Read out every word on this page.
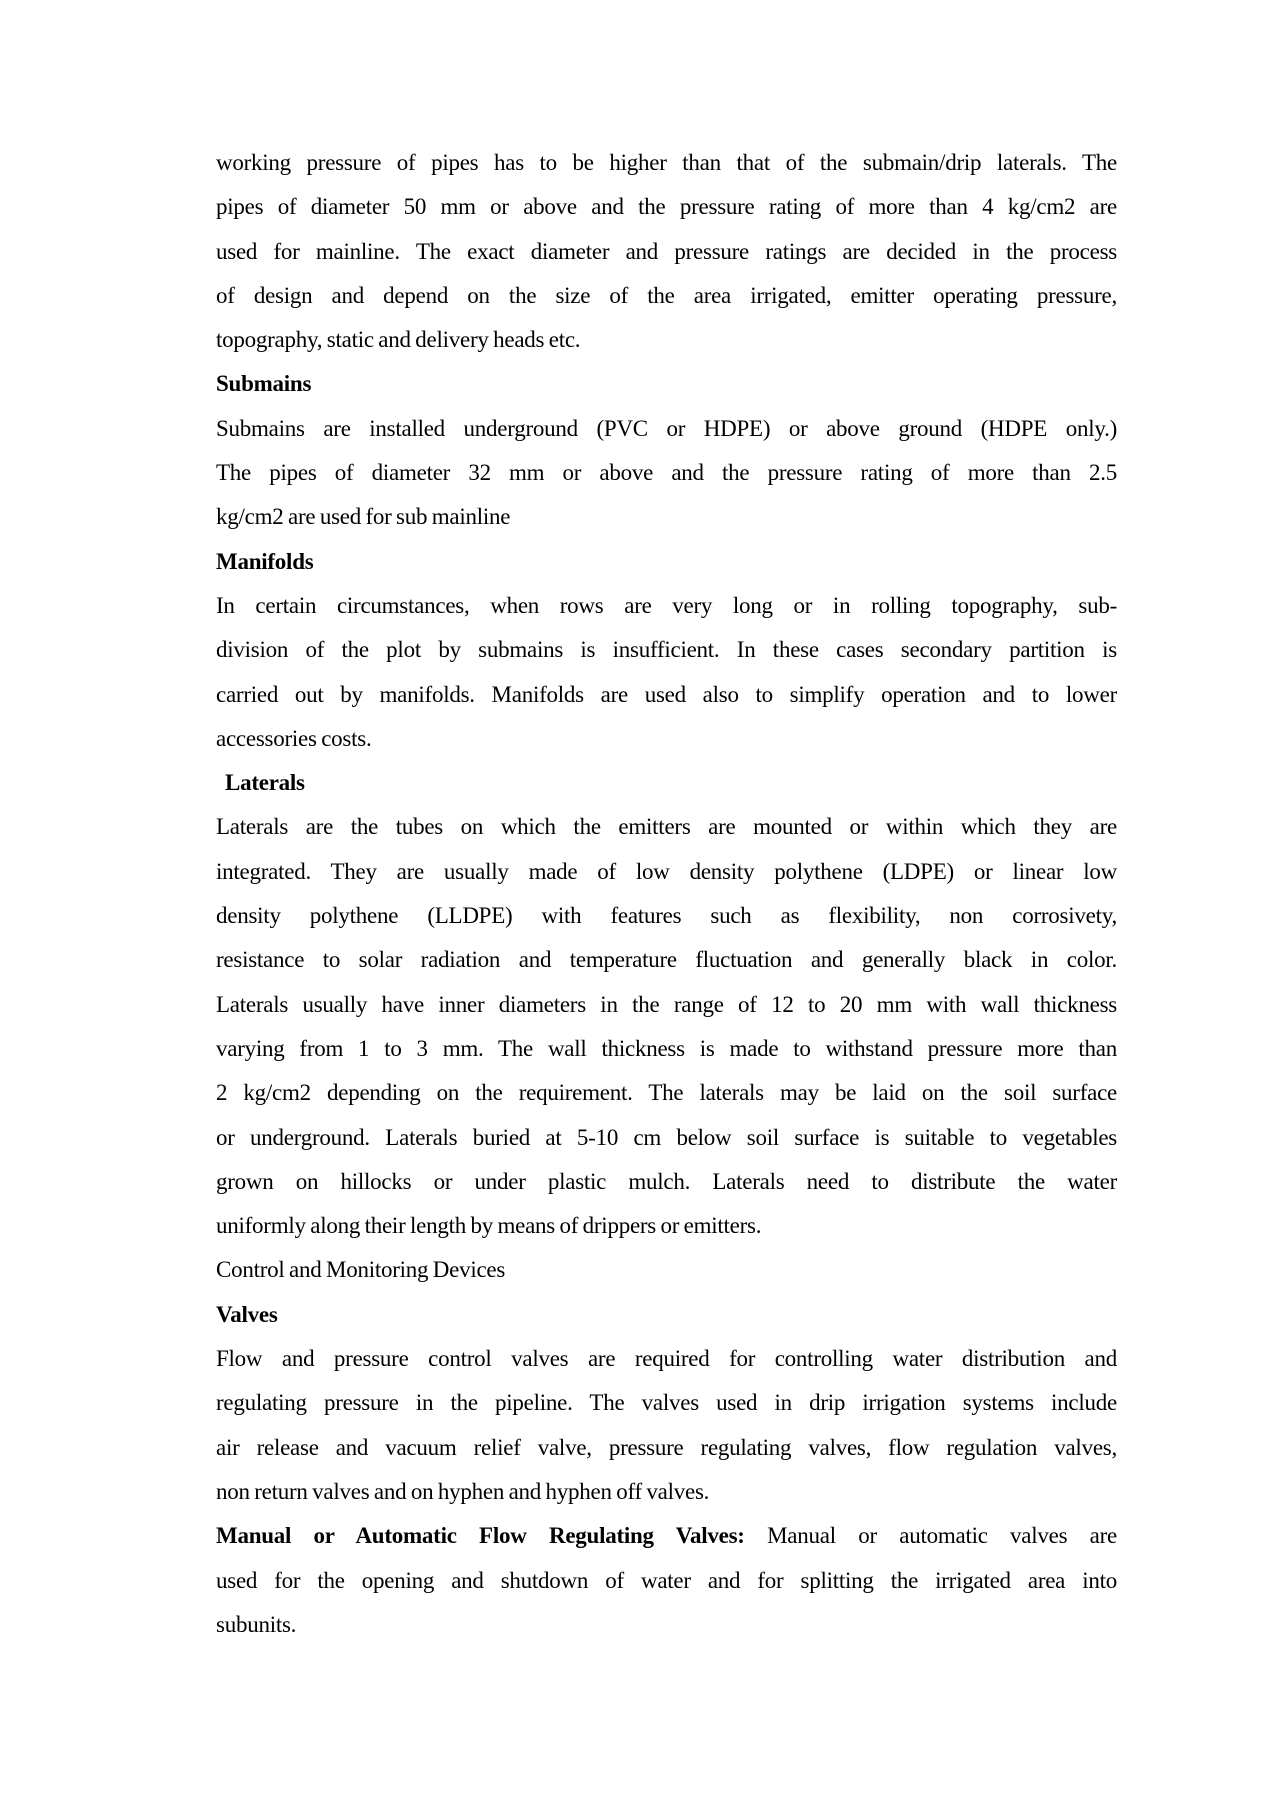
working pressure of pipes has to be higher than that of the submain/drip laterals. The
pipes of diameter 50 mm or above and the pressure rating of more than 4 kg/cm2 are
used for mainline. The exact diameter and pressure ratings are decided in the process
of design and depend on the size of the area irrigated, emitter operating pressure,
topography, static and delivery heads etc.
Submains
Submains are installed underground (PVC or HDPE) or above ground (HDPE only.)
The pipes of diameter 32 mm or above and the pressure rating of more than 2.5
kg/cm2 are used for sub mainline
Manifolds
In certain circumstances, when rows are very long or in rolling topography, sub-
division of the plot by submains is insufficient. In these cases secondary partition is
carried out by manifolds. Manifolds are used also to simplify operation and to lower
accessories costs.
Laterals
Laterals are the tubes on which the emitters are mounted or within which they are
integrated. They are usually made of low density polythene (LDPE) or linear low
density polythene (LLDPE) with features such as flexibility, non corrosivety,
resistance to solar radiation and temperature fluctuation and generally black in color.
Laterals usually have inner diameters in the range of 12 to 20 mm with wall thickness
varying from 1 to 3 mm. The wall thickness is made to withstand pressure more than
2 kg/cm2 depending on the requirement. The laterals may be laid on the soil surface
or underground. Laterals buried at 5-10 cm below soil surface is suitable to vegetables
grown on hillocks or under plastic mulch. Laterals need to distribute the water
uniformly along their length by means of drippers or emitters.
Control and Monitoring Devices
Valves
Flow and pressure control valves are required for controlling water distribution and
regulating pressure in the pipeline. The valves used in drip irrigation systems include
air release and vacuum relief valve, pressure regulating valves, flow regulation valves,
non return valves and on hyphen and hyphen off valves.
Manual or Automatic Flow Regulating Valves: Manual or automatic valves are
used for the opening and shutdown of water and for splitting the irrigated area into
subunits.
